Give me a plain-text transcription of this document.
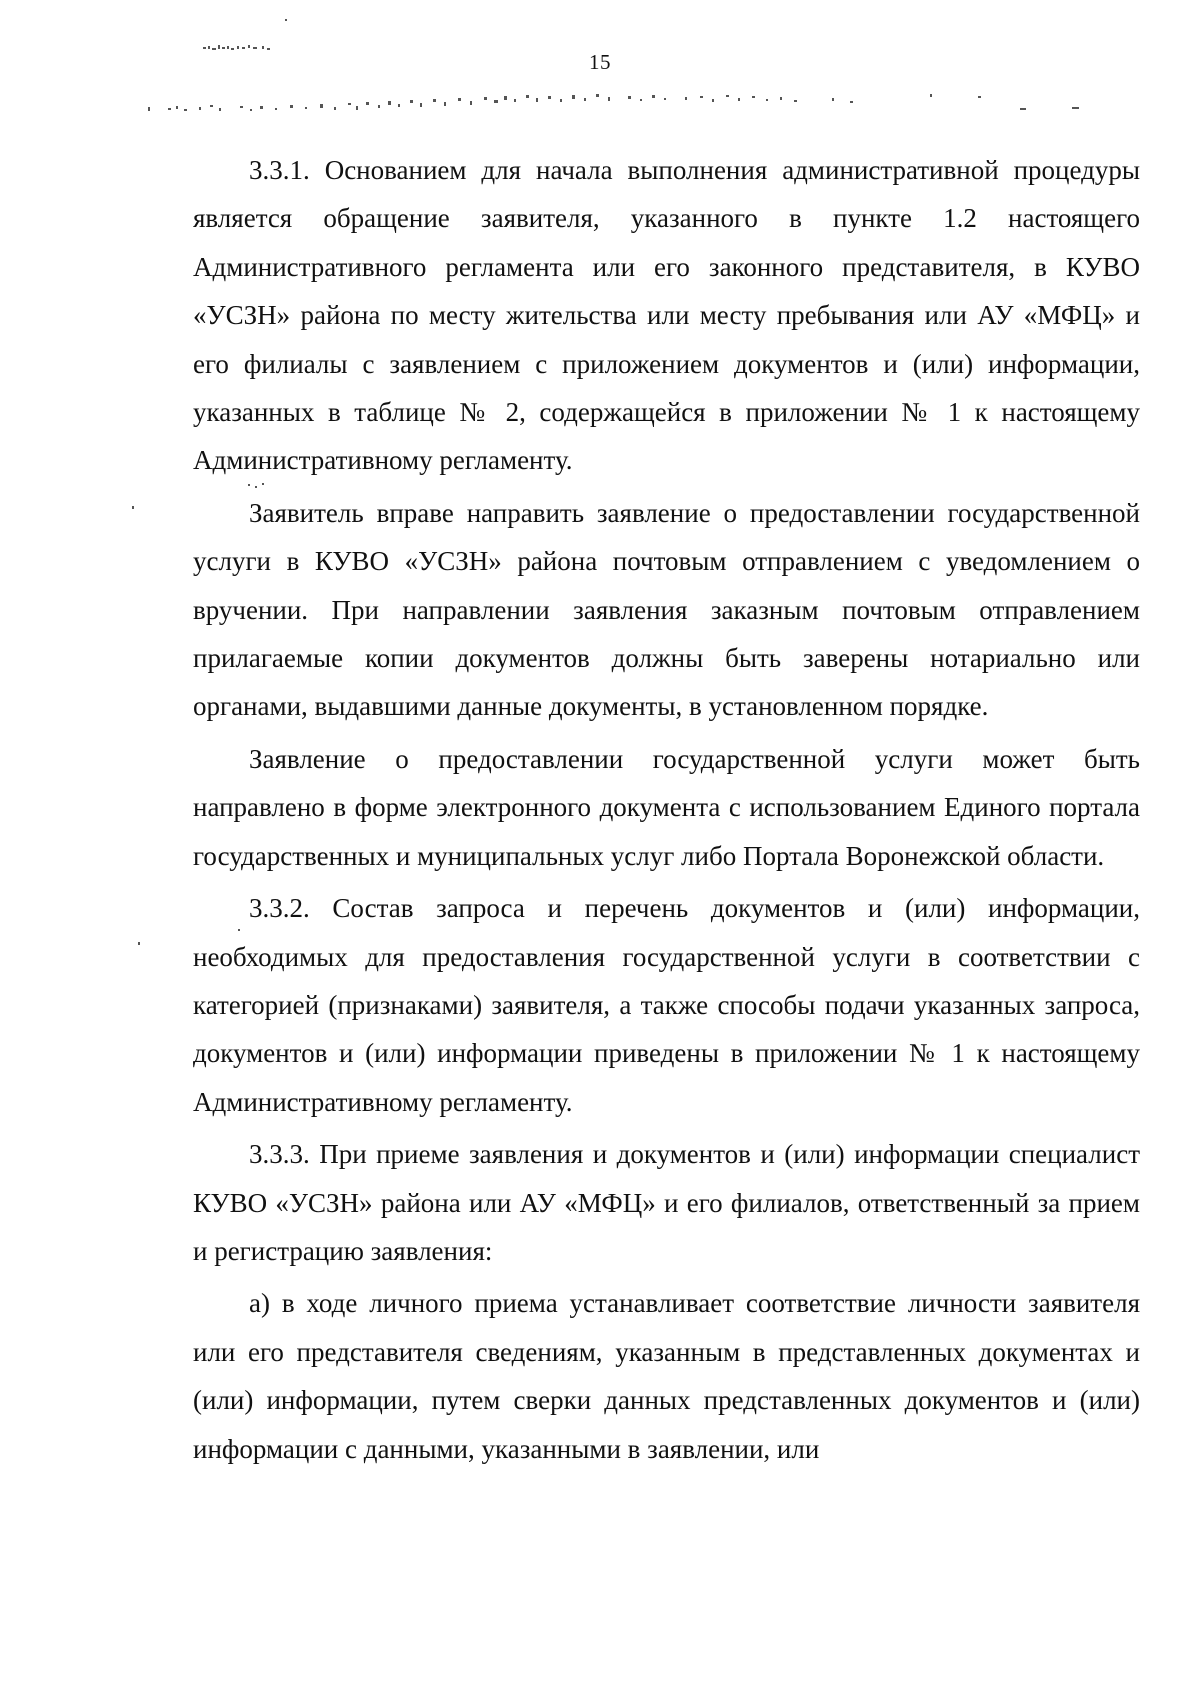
15

3.3.1. Основанием для начала выполнения административной процедуры является обращение заявителя, указанного в пункте 1.2 настоящего Административного регламента или его законного представителя, в КУВО «УСЗН» района по месту жительства или месту пребывания или АУ «МФЦ» и его филиалы с заявлением с приложением документов и (или) информации, указанных в таблице № 2, содержащейся в приложении № 1 к настоящему Административному регламенту.

Заявитель вправе направить заявление о предоставлении государственной услуги в КУВО «УСЗН» района почтовым отправлением с уведомлением о вручении. При направлении заявления заказным почтовым отправлением прилагаемые копии документов должны быть заверены нотариально или органами, выдавшими данные документы, в установленном порядке.

Заявление о предоставлении государственной услуги может быть направлено в форме электронного документа с использованием Единого портала государственных и муниципальных услуг либо Портала Воронежской области.

3.3.2. Состав запроса и перечень документов и (или) информации, необходимых для предоставления государственной услуги в соответствии с категорией (признаками) заявителя, а также способы подачи указанных запроса, документов и (или) информации приведены в приложении № 1 к настоящему Административному регламенту.

3.3.3. При приеме заявления и документов и (или) информации специалист КУВО «УСЗН» района или АУ «МФЦ» и его филиалов, ответственный за прием и регистрацию заявления:

а) в ходе личного приема устанавливает соответствие личности заявителя или его представителя сведениям, указанным в представленных документах и (или) информации, путем сверки данных представленных документов и (или) информации с данными, указанными в заявлении, или
